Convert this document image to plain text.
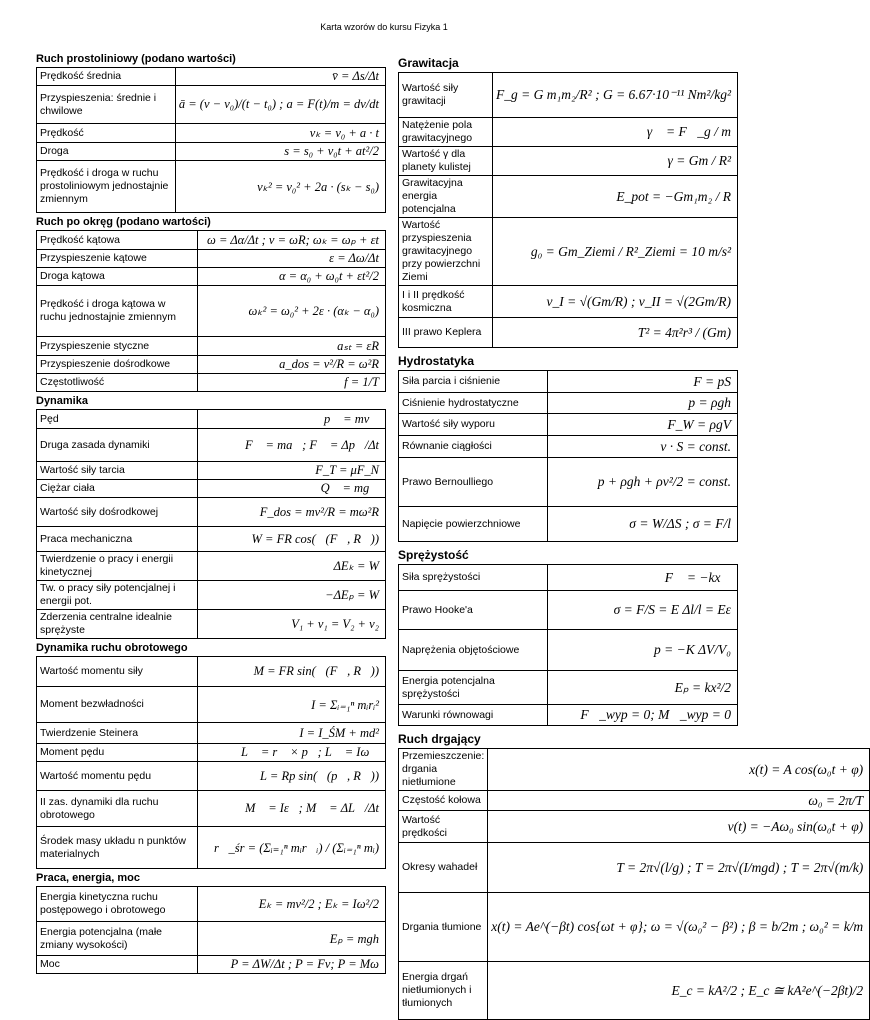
Karta wzorów do kursu Fizyka 1
Ruch prostoliniowy (podano wartości)
Prędkość średnia	v̄ = Δs/Δt
Przyspieszenia: średnie i chwilowe	ā = (v − v₀)/(t − t₀) ; a = F(t)/m = dv/dt
Prędkość	vₖ = v₀ + a · t
Droga	s = s₀ + v₀t + at²/2
Prędkość i droga w ruchu prostoliniowym jednostajnie zmiennym	vₖ² = v₀² + 2a · (sₖ − s₀)
Ruch po okręg (podano wartości)
Prędkość kątowa	ω = Δα/Δt ; v = ωR; ωₖ = ωₚ + εt
Przyspieszenie kątowe	ε = Δω/Δt
Droga kątowa	α = α₀ + ω₀t + εt²/2
Prędkość i droga kątowa w ruchu jednostajnie zmiennym	ωₖ² = ω₀² + 2ε · (αₖ − α₀)
Przyspieszenie styczne	aₛₜ = εR
Przyspieszenie dośrodkowe	a_dos = v²/R = ω²R
Częstotliwość	f = 1/T
Dynamika
Pęd	p⃗ = mv⃗
Druga zasada dynamiki	F⃗ = ma⃗; F⃗ = Δp⃗/Δt
Wartość siły tarcia	F_T = μF_N
Ciężar ciała	Q⃗ = mg⃗
Wartość siły dośrodkowej	F_dos = mv²/R = mω²R
Praca mechaniczna	W = FR cos(∢(F⃗, R⃗))
Twierdzenie o pracy i energii kinetycznej	ΔEₖ = W
Tw. o pracy siły potencjalnej i energii pot.	−ΔEₚ = W
Zderzenia centralne idealnie sprężyste	V₁ + v₁ = V₂ + v₂
Dynamika ruchu obrotowego
Wartość momentu siły	M = FR sin(∢(F⃗, R⃗))
Moment bezwładności	I = Σᵢ₌₁ⁿ mᵢrᵢ²
Twierdzenie Steinera	I = I_ŚM + md²
Moment pędu	L⃗ = r⃗ × p⃗; L⃗ = Iω⃗
Wartość momentu pędu	L = Rp sin(∢(p⃗, R⃗))
II zas. dynamiki dla ruchu obrotowego	M⃗ = Iε⃗; M⃗ = ΔL⃗/Δt
Środek masy układu n punktów materialnych	r⃗_śr = (Σᵢ₌₁ⁿ mᵢr⃗ᵢ) / (Σᵢ₌₁ⁿ mᵢ)
Praca, energia, moc
Energia kinetyczna ruchu postępowego i obrotowego	Eₖ = mv²/2 ; Eₖ = Iω²/2
Energia potencjalna (małe zmiany wysokości)	Eₚ = mgh
Moc	P = ΔW/Δt ; P = Fv; P = Mω
Grawitacja
Wartość siły grawitacji	F_g = G m₁m₂/R² ; G = 6.67·10⁻¹¹ Nm²/kg²
Natężenie pola grawitacyjnego	γ⃗ = F⃗_g / m
Wartość γ dla planety kulistej	γ = Gm / R²
Grawitacyjna energia potencjalna	E_pot = −Gm₁m₂ / R
Wartość przyspieszenia grawitacyjnego przy powierzchni Ziemi	g₀ = Gm_Ziemi / R²_Ziemi = 10 m/s²
I i II prędkość kosmiczna	v_I = √(Gm/R) ; v_II = √(2Gm/R)
III prawo Keplera	T² = 4π²r³ / (Gm)
Hydrostatyka
Siła parcia i ciśnienie	F = pS
Ciśnienie hydrostatyczne	p = ρgh
Wartość siły wyporu	F_W = ρgV
Równanie ciągłości	v · S = const.
Prawo Bernoulliego	p + ρgh + ρv²/2 = const.
Napięcie powierzchniowe	σ = W/ΔS ; σ = F/l
Sprężystość
Siła sprężystości	F⃗ = −kx⃗
Prawo Hooke'a	σ = F/S = E Δl/l = Eε
Naprężenia objętościowe	p = −K ΔV/V₀
Energia potencjalna sprężystości	Eₚ = kx²/2
Warunki równowagi	F⃗_wyp = 0; M⃗_wyp = 0
Ruch drgający
Przemieszczenie: drgania nietłumione	x(t) = A cos(ω₀t + φ)
Częstość kołowa	ω₀ = 2π/T
Wartość prędkości	v(t) = −Aω₀ sin(ω₀t + φ)
Okresy wahadeł	T = 2π√(l/g) ; T = 2π√(I/mgd) ; T = 2π√(m/k)
Drgania tłumione	x(t) = Ae^(−βt) cos{ωt + φ}; ω = √(ω₀² − β²) ; β = b/2m ; ω₀² = k/m
Energia drgań nietłumionych i tłumionych	E_c = kA²/2 ; E_c ≅ kA²e^(−2βt)/2
